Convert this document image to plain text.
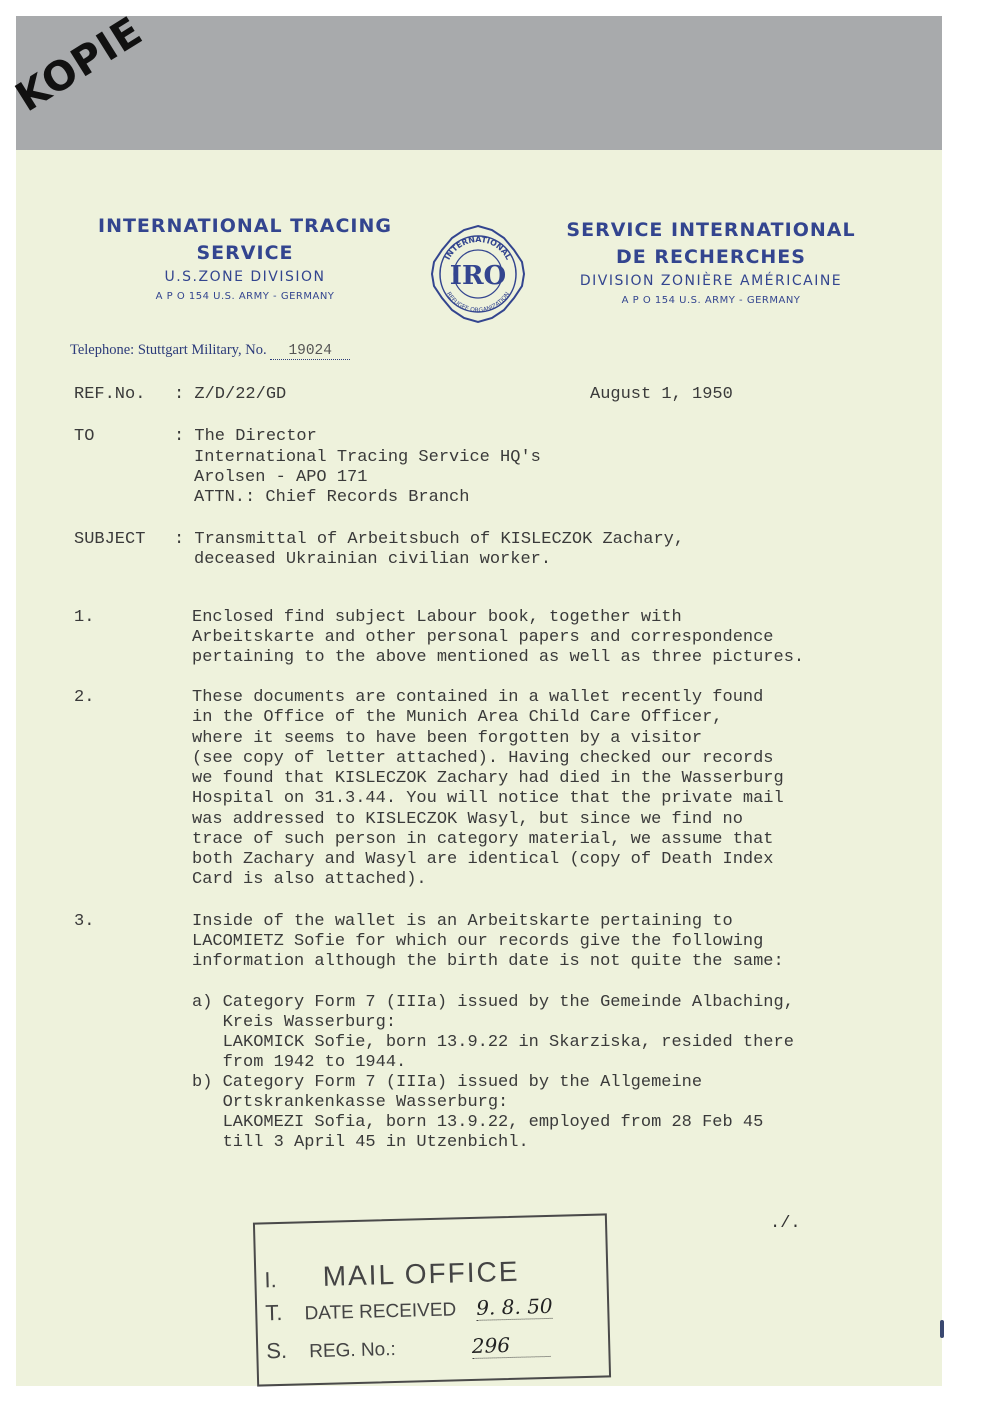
KOPIE
INTERNATIONAL TRACING
SERVICE
U.S.ZONE DIVISION
A P O 154 U.S. ARMY - GERMANY
INTERNATIONAL
REFUGEE ORGANIZATION
IRO
SERVICE INTERNATIONAL
DE RECHERCHES
DIVISION ZONIÈRE AMÉRICAINE
A P O 154 U.S. ARMY - GERMANY
Telephone: Stuttgart Military, No. 19024
REF.No. : Z/D/22/GD	August 1, 1950
TO	: The Director
International Tracing Service HQ's
Arolsen - APO 171
ATTN.: Chief Records Branch
SUBJECT : Transmittal of Arbeitsbuch of KISLECZOK Zachary,
deceased Ukrainian civilian worker.
1.	Enclosed find subject Labour book, together with
Arbeitskarte and other personal papers and correspondence
pertaining to the above mentioned as well as three pictures.
2.	These documents are contained in a wallet recently found
in the Office of the Munich Area Child Care Officer,
where it seems to have been forgotten by a visitor
(see copy of letter attached). Having checked our records
we found that KISLECZOK Zachary had died in the Wasserburg
Hospital on 31.3.44. You will notice that the private mail
was addressed to KISLECZOK Wasyl, but since we find no
trace of such person in category material, we assume that
both Zachary and Wasyl are identical (copy of Death Index
Card is also attached).
3.	Inside of the wallet is an Arbeitskarte pertaining to
LACOMIETZ Sofie for which our records give the following
information although the birth date is not quite the same:
a) Category Form 7 (IIIa) issued by the Gemeinde Albaching,
Kreis Wasserburg:
LAKOMICK Sofie, born 13.9.22 in Skarziska, resided there
from 1942 to 1944.
b) Category Form 7 (IIIa) issued by the Allgemeine
Ortskrankenkasse Wasserburg:
LAKOMEZI Sofia, born 13.9.22, employed from 28 Feb 45
till 3 April 45 in Utzenbichl.
./.
I. MAIL OFFICE
T. DATE RECEIVED 9. 8. 50
S. REG. No.:	296
